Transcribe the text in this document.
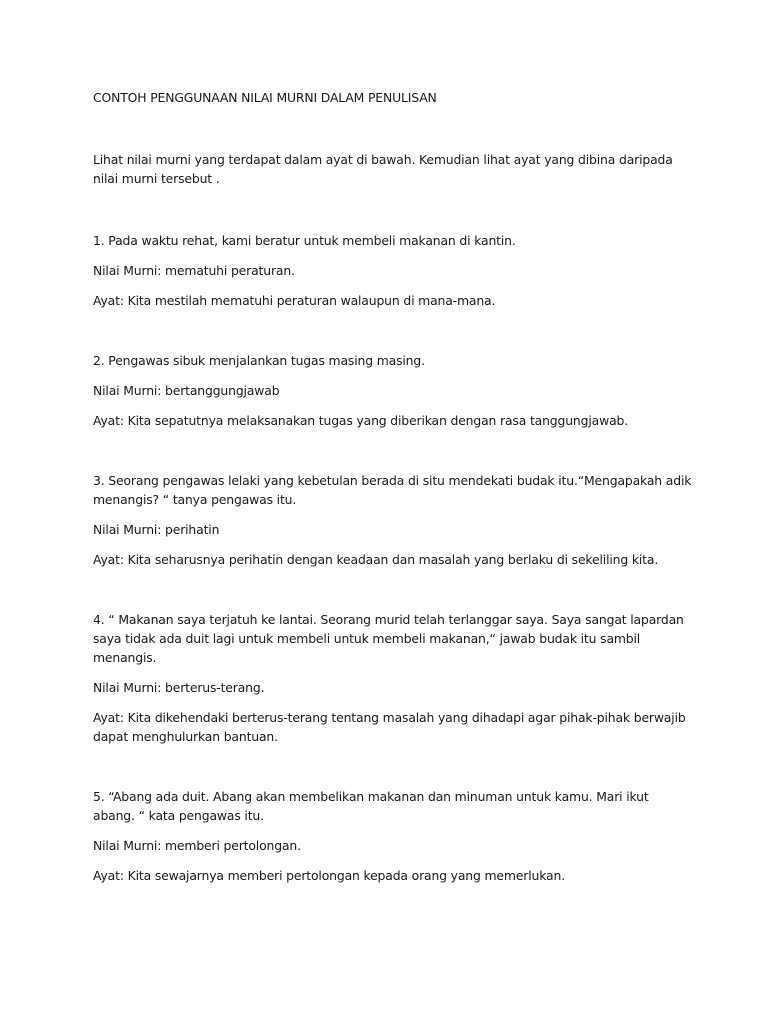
CONTOH PENGGUNAAN NILAI MURNI DALAM PENULISAN

Lihat nilai murni yang terdapat dalam ayat di bawah. Kemudian lihat ayat yang dibina daripada nilai murni tersebut .

1. Pada waktu rehat, kami beratur untuk membeli makanan di kantin.

Nilai Murni: mematuhi peraturan.

Ayat: Kita mestilah mematuhi peraturan walaupun di mana-mana.

2. Pengawas sibuk menjalankan tugas masing masing.

Nilai Murni: bertanggungjawab

Ayat: Kita sepatutnya melaksanakan tugas yang diberikan dengan rasa tanggungjawab.

3. Seorang pengawas lelaki yang kebetulan berada di situ mendekati budak itu.“Mengapakah adik menangis? “ tanya pengawas itu.

Nilai Murni: perihatin

Ayat: Kita seharusnya perihatin dengan keadaan dan masalah yang berlaku di sekeliling kita.

4. “ Makanan saya terjatuh ke lantai. Seorang murid telah terlanggar saya. Saya sangat lapardan saya tidak ada duit lagi untuk membeli untuk membeli makanan,“ jawab budak itu sambil menangis.

Nilai Murni: berterus-terang.

Ayat: Kita dikehendaki berterus-terang tentang masalah yang dihadapi agar pihak-pihak berwajib dapat menghulurkan bantuan.

5. “Abang ada duit. Abang akan membelikan makanan dan minuman untuk kamu. Mari ikut abang. “ kata pengawas itu.

Nilai Murni: memberi pertolongan.

Ayat: Kita sewajarnya memberi pertolongan kepada orang yang memerlukan.
